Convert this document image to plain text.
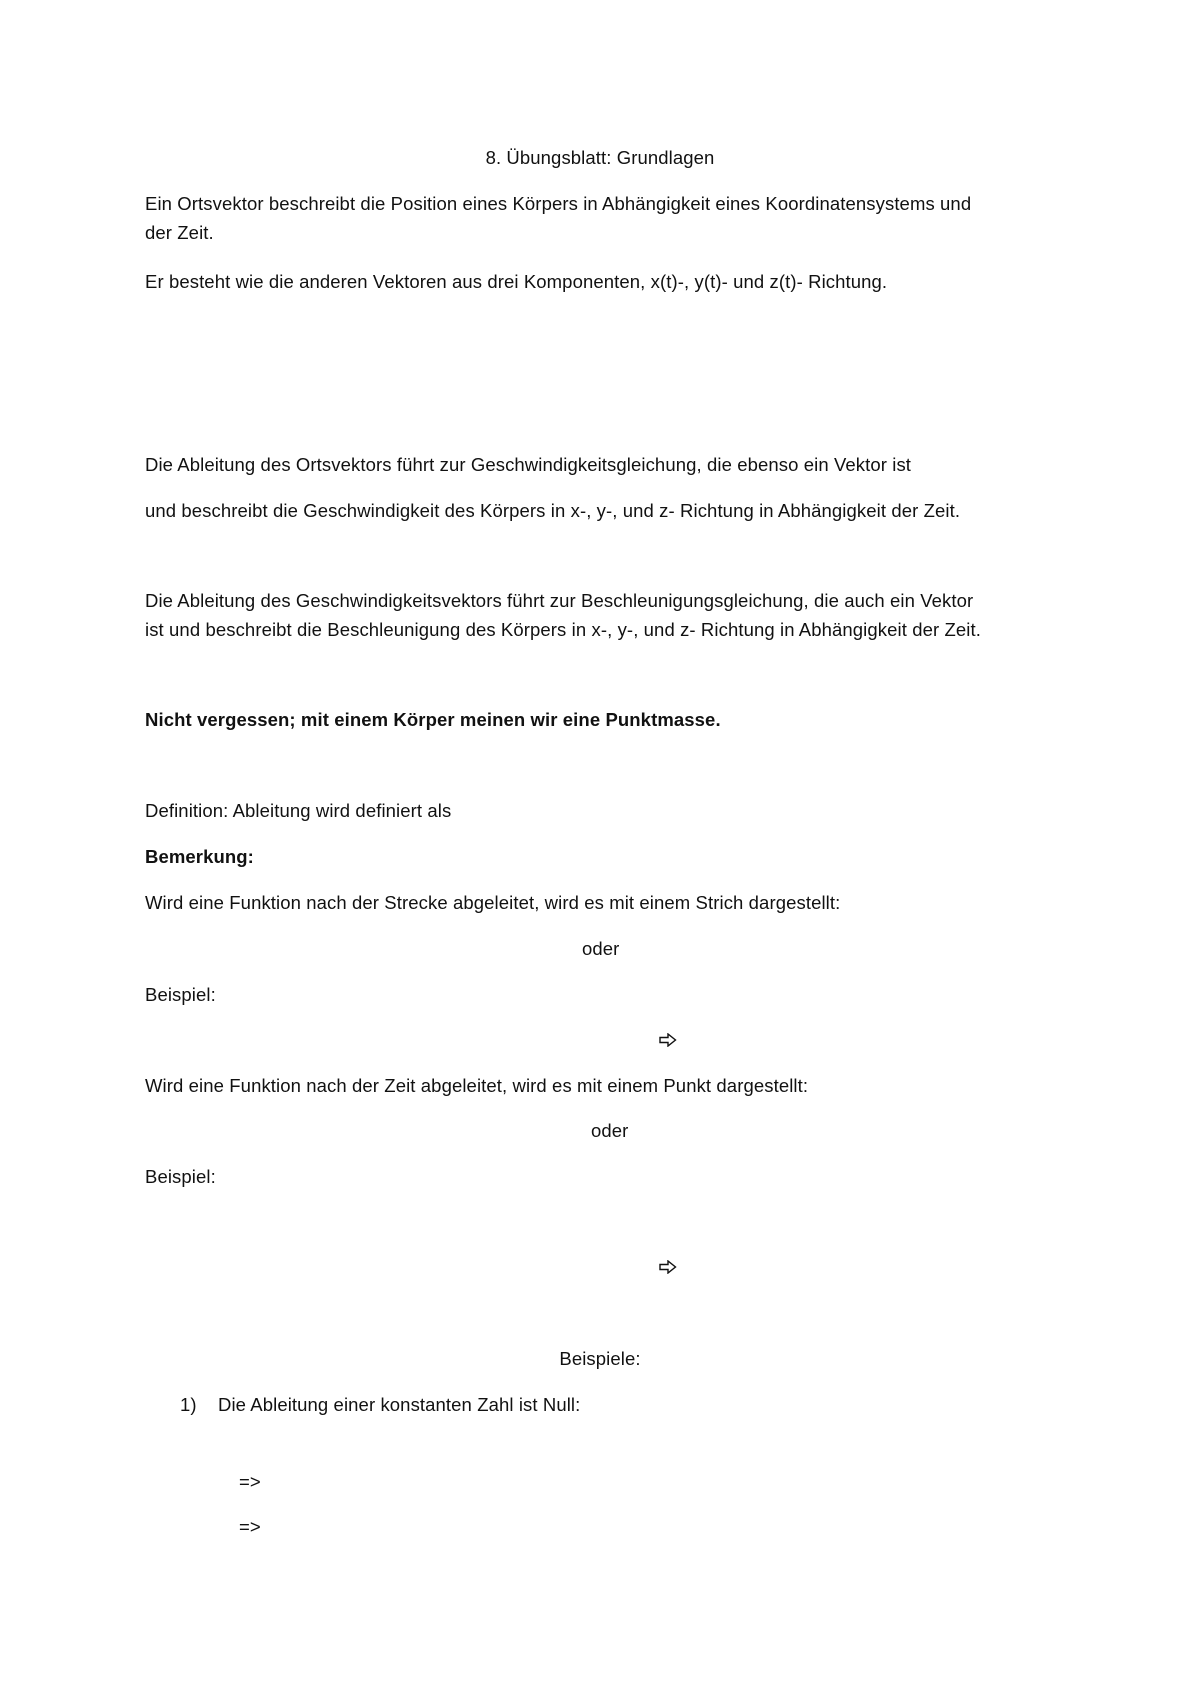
8. Übungsblatt: Grundlagen
Ein Ortsvektor beschreibt die Position eines Körpers in Abhängigkeit eines Koordinatensystems und
der Zeit.
Er besteht wie die anderen Vektoren aus drei Komponenten, x(t)-, y(t)- und z(t)- Richtung.
Die Ableitung des Ortsvektors führt zur Geschwindigkeitsgleichung, die ebenso ein Vektor ist
und beschreibt die Geschwindigkeit des Körpers in x-, y-, und z- Richtung in Abhängigkeit der Zeit.
Die Ableitung des Geschwindigkeitsvektors führt zur Beschleunigungsgleichung, die auch ein Vektor
ist und beschreibt die Beschleunigung des Körpers in x-, y-, und z- Richtung in Abhängigkeit der Zeit.
Nicht vergessen; mit einem Körper meinen wir eine Punktmasse.
Definition: Ableitung wird definiert als
Bemerkung:
Wird eine Funktion nach der Strecke abgeleitet, wird es mit einem Strich dargestellt:
oder
Beispiel:
Wird eine Funktion nach der Zeit abgeleitet, wird es mit einem Punkt dargestellt:
oder
Beispiel:
Beispiele:
1) Die Ableitung einer konstanten Zahl ist Null:
=>
=>
